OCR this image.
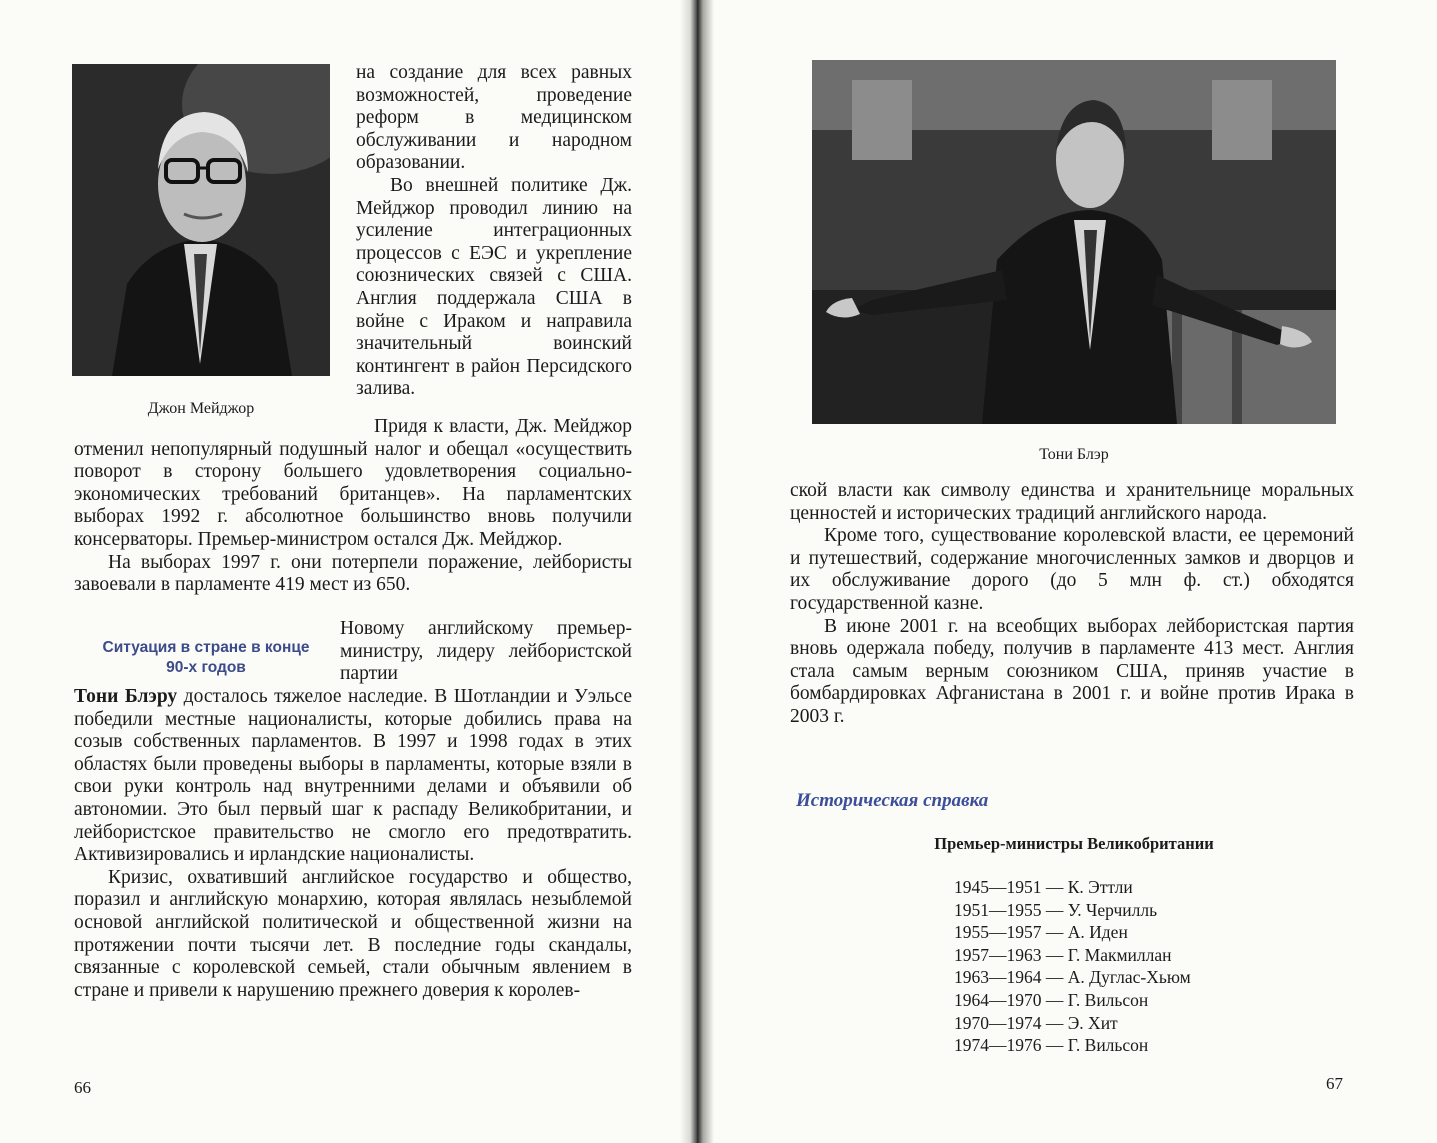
Джон Мейджор

на создание для всех равных возможностей, проведение реформ в медицинском обслуживании и народном образовании.

Во внешней политике Дж. Мейджор проводил линию на усиление интеграционных процессов с ЕЭС и укрепление союзнических связей с США. Англия поддержала США в войне с Ираком и направила значительный воинский контингент в район Персидского залива.

Придя к власти, Дж. Мейджор отменил непопулярный подушный налог и обещал «осуществить поворот в сторону большего удовлетворения социально-экономических требований британцев». На парламентских выборах 1992 г. абсолютное большинство вновь получили консерваторы. Премьер-министром остался Дж. Мейджор.

На выборах 1997 г. они потерпели поражение, лейбористы завоевали в парламенте 419 мест из 650.

Ситуация в стране в конце 90-х годов

Новому английскому премьер-министру, лидеру лейбористской партии

Тони Блэру досталось тяжелое наследие. В Шотландии и Уэльсе победили местные националисты, которые добились права на созыв собственных парламентов. В 1997 и 1998 годах в этих областях были проведены выборы в парламенты, которые взяли в свои руки контроль над внутренними делами и объявили об автономии. Это был первый шаг к распаду Великобритании, и лейбористское правительство не смогло его предотвратить. Активизировались и ирландские националисты.

Кризис, охвативший английское государство и общество, поразил и английскую монархию, которая являлась незыблемой основой английской политической и общественной жизни на протяжении почти тысячи лет. В последние годы скандалы, связанные с королевской семьей, стали обычным явлением в стране и привели к нарушению прежнего доверия к королев-

66
Тони Блэр

ской власти как символу единства и хранительнице моральных ценностей и исторических традиций английского народа.

Кроме того, существование королевской власти, ее церемоний и путешествий, содержание многочисленных замков и дворцов и их обслуживание дорого (до 5 млн ф. ст.) обходятся государственной казне.

В июне 2001 г. на всеобщих выборах лейбористская партия вновь одержала победу, получив в парламенте 413 мест. Англия стала самым верным союзником США, приняв участие в бомбардировках Афганистана в 2001 г. и войне против Ирака в 2003 г.

Историческая справка
Премьер-министры Великобритании
1945—1951 — К. Эттли
1951—1955 — У. Черчилль
1955—1957 — А. Иден
1957—1963 — Г. Макмиллан
1963—1964 — А. Дуглас-Хьюм
1964—1970 — Г. Вильсон
1970—1974 — Э. Хит
1974—1976 — Г. Вильсон
67
